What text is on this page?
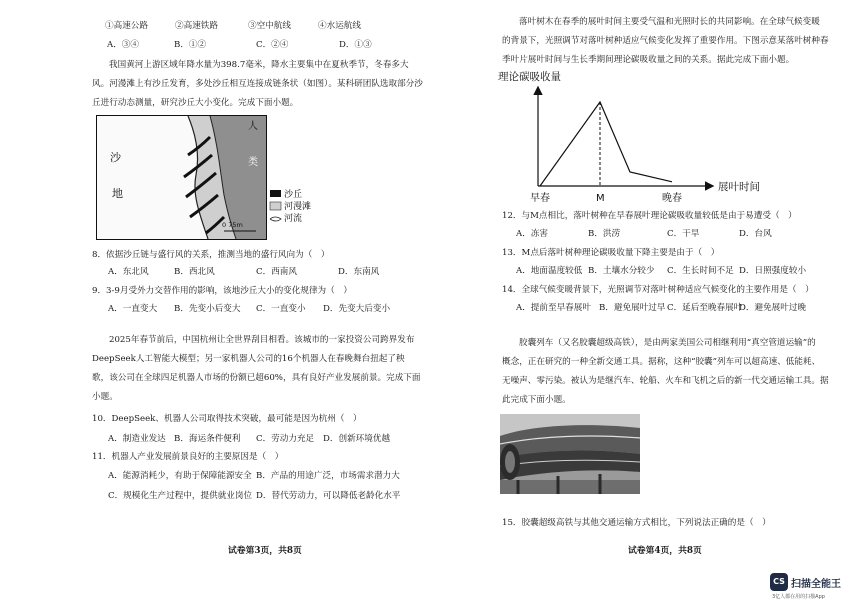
①高速公路	②高速铁路	③空中航线	④水运航线
A．③④	B．①②	C．②④	D．①③
我国黄河上游区域年降水量为398.7毫米，降水主要集中在夏秋季节，冬春多大
风。河漫滩上有沙丘发育，多处沙丘相互连接成链条状（如图）。某科研团队选取部分沙
丘进行动态测量，研究沙丘大小变化。完成下面小题。
沙
地
人
类
0 75m
沙丘
河漫滩
河流
8．依据沙丘链与盛行风的关系，推测当地的盛行风向为（　）
A．东北风	B．西北风	C．西南风	D．东南风
9．3-9月受外力交替作用的影响，该地沙丘大小的变化规律为（　）
A．一直变大 B．先变小后变大 C．一直变小 D．先变大后变小
2025年春节前后，中国杭州让全世界刮目相看。该城市的一家投资公司跨界发布
DeepSeek人工智能大模型；另一家机器人公司的16个机器人在春晚舞台扭起了秧
歌，该公司在全球四足机器人市场的份额已超60%，具有良好产业发展前景。完成下面
小题。
10．DeepSeek、机器人公司取得技术突破，最可能是因为杭州（　）
A．制造业发达 B．海运条件便利 C．劳动力充足 D．创新环境优越
11．机器人产业发展前景良好的主要原因是（　）
A．能源消耗少，有助于保障能源安全 B．产品的用途广泛，市场需求潜力大
C．规模化生产过程中，提供就业岗位 D．替代劳动力，可以降低老龄化水平
试卷第3页，共8页
落叶树木在春季的展叶时间主要受气温和光照时长的共同影响。在全球气候变暖
的背景下，光照调节对落叶树种适应气候变化发挥了重要作用。下图示意某落叶树种春
季叶片展叶时间与生长季期间理论碳吸收量之间的关系。据此完成下面小题。
理论碳吸收量
展叶时间
早春	M	晚春
12．与M点相比，落叶树种在早春展叶理论碳吸收量较低是由于易遭受（　）
A．冻害	B．洪涝	C．干旱	D．台风
13．M点后落叶树种理论碳吸收量下降主要是由于（　）
A．地面温度较低 B．土壤水分较少 C．生长时间不足 D．日照强度较小
14．全球气候变暖背景下，光照调节对落叶树种适应气候变化的主要作用是（　）
A．提前至早春展叶 B．避免展叶过早 C．延后至晚春展叶
D．避免展叶过晚
胶囊列车（又名胶囊超级高铁），是由两家美国公司相继利用“真空管道运输”的
概念，正在研究的一种全新交通工具。据称，这种“胶囊”列车可以超高速、低能耗、
无噪声、零污染。被认为是继汽车、轮船、火车和飞机之后的新一代交通运输工具。据
此完成下面小题。
15．胶囊超级高铁与其他交通运输方式相比，下列说法正确的是（　）
试卷第4页，共8页
CS 扫描全能王
3亿人都在用的扫描App
